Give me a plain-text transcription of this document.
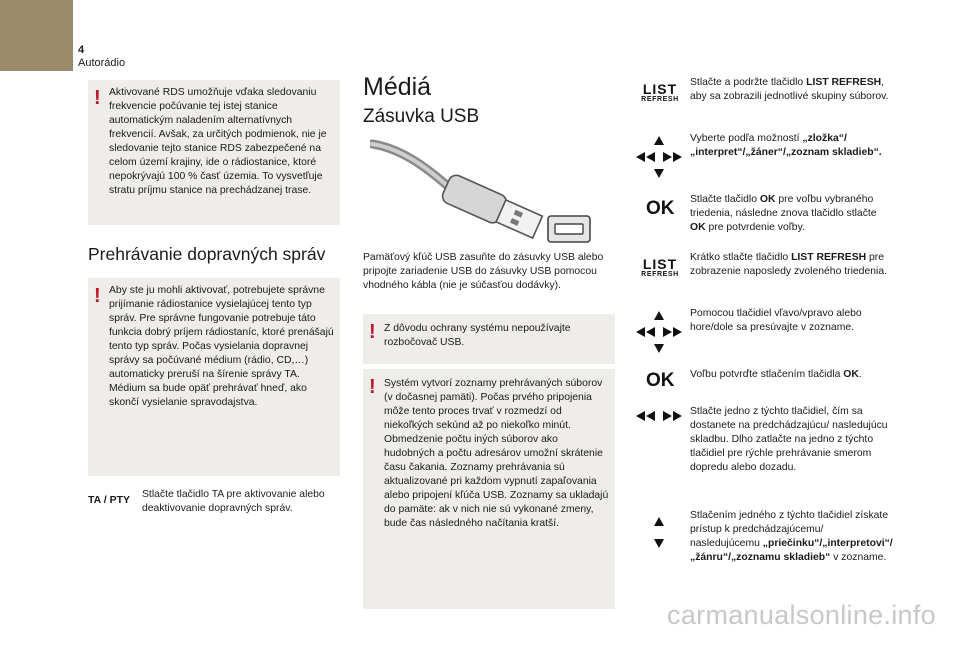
4
Autorádio
! Aktivované RDS umožňuje vďaka sledovaniu frekvencie počúvanie tej istej stanice automatickým naladením alternatívnych frekvencií. Avšak, za určitých podmienok, nie je sledovanie tejto stanice RDS zabezpečené na celom území krajiny, ide o rádiostanice, ktoré nepokrývajú 100 % časť územia. To vysvetľuje stratu príjmu stanice na prechádzanej trase.
Prehrávanie dopravných správ
! Aby ste ju mohli aktivovať, potrebujete správne prijímanie rádiostanice vysielajúcej tento typ správ. Pre správne fungovanie potrebuje táto funkcia dobrý príjem rádiostaníc, ktoré prenášajú tento typ správ. Počas vysielania dopravnej správy sa počúvané médium (rádio, CD,…) automaticky preruší na šírenie správy TA. Médium sa bude opäť prehrávať hneď, ako skončí vysielanie spravodajstva.
TA / PTY Stlačte tlačidlo TA pre aktivovanie alebo deaktivovanie dopravných správ.
Médiá
Zásuvka USB
Pamäťový kľúč USB zasuňte do zásuvky USB alebo pripojte zariadenie USB do zásuvky USB pomocou vhodného kábla (nie je súčasťou dodávky).
! Z dôvodu ochrany systému nepoužívajte rozbočovač USB.
! Systém vytvorí zoznamy prehrávaných súborov (v dočasnej pamäti). Počas prvého pripojenia môže tento proces trvať v rozmedzí od niekoľkých sekúnd až po niekoľko minút. Obmedzenie počtu iných súborov ako hudobných a počtu adresárov umožní skrátenie času čakania. Zoznamy prehrávania sú aktualizované pri každom vypnutí zapaľovania alebo pripojení kľúča USB. Zoznamy sa ukladajú do pamäte: ak v nich nie sú vykonané zmeny, bude čas následného načítania kratší.
LIST
REFRESH
Stlačte a podržte tlačidlo LIST REFRESH, aby sa zobrazili jednotlivé skupiny súborov.
Vyberte podľa možností „zložka“/„interpret“/„žáner“/„zoznam skladieb“.
OK Stlačte tlačidlo OK pre voľbu vybraného triedenia, následne znova tlačidlo stlačte OK pre potvrdenie voľby.
LIST
REFRESH
Krátko stlačte tlačidlo LIST REFRESH pre zobrazenie naposledy zvoleného triedenia.
Pomocou tlačidiel vľavo/vpravo alebo hore/dole sa presúvajte v zozname.
OK Voľbu potvrďte stlačením tlačidla OK.
Stlačte jedno z týchto tlačidiel, čím sa dostanete na predchádzajúcu/ nasledujúcu skladbu. Dlho zatlačte na jedno z týchto tlačidiel pre rýchle prehrávanie smerom dopredu alebo dozadu.
Stlačením jedného z týchto tlačidiel získate prístup k predchádzajúcemu/ nasledujúcemu „priečinku“/„interpretovi“/„žánru“/„zoznamu skladieb“ v zozname.
carmanualsonline.info
